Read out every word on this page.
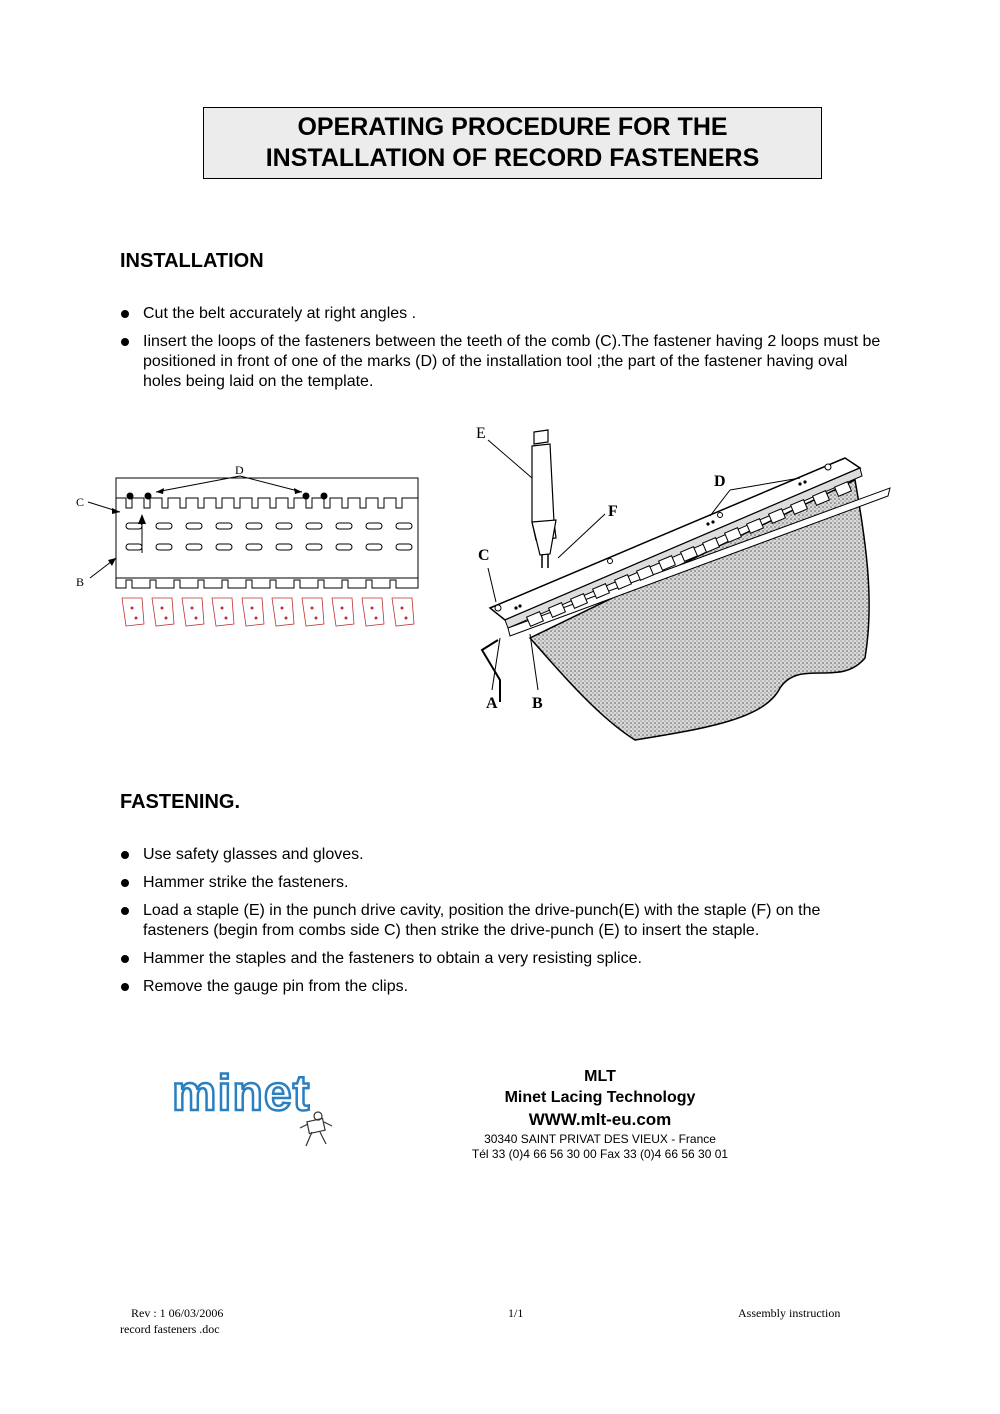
OPERATING PROCEDURE FOR THE
INSTALLATION OF RECORD FASTENERS
INSTALLATION
Cut the belt accurately at right angles .
Iinsert the loops of the fasteners between the teeth of the comb (C).The fastener having 2 loops must be positioned in front of one of the marks (D) of the installation tool ;the part of the fastener having oval holes being laid on the template.
D
C
B
E
F
D
C
A B
FASTENING.
Use safety glasses and gloves.
Hammer strike the fasteners.
Load a staple (E) in the punch drive cavity, position the drive-punch(E) with the staple (F) on the fasteners (begin from combs side C) then strike the drive-punch (E) to insert the staple.
Hammer the staples and the fasteners to obtain a very resisting splice.
Remove the gauge pin from the clips.
minet	MLT
Minet Lacing Technology
WWW.mlt-eu.com
30340 SAINT PRIVAT DES VIEUX - France
Tél 33 (0)4 66 56 30 00 Fax 33 (0)4 66 56 30 01
Rev : 1 06/03/2006	1/1	Assembly instruction
record fasteners .doc
